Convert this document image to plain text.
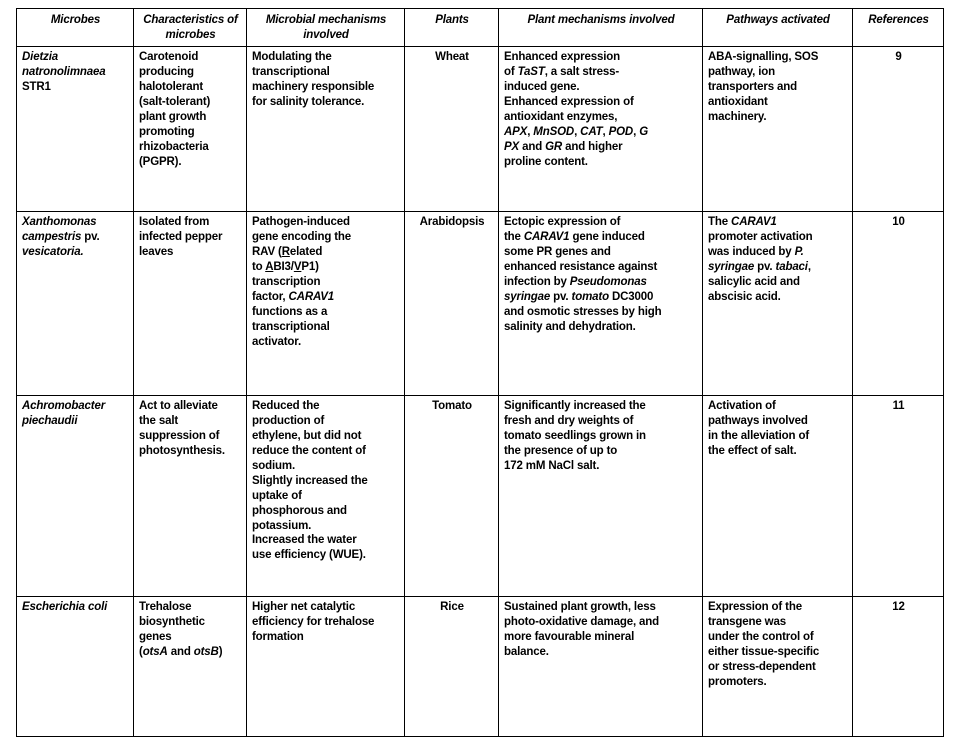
Microbes	Characteristics of microbes	Microbial mechanisms involved	Plants	Plant mechanisms involved	Pathways activated	References
Dietzia
natronolimnaea
STR1	Carotenoid
producing
halotolerant
(salt-tolerant)
plant growth
promoting
rhizobacteria
(PGPR).	Modulating the
transcriptional
machinery responsible
for salinity tolerance.	Wheat	Enhanced expression
of TaST, a salt stress-
induced gene.
Enhanced expression of
antioxidant enzymes,
APX, MnSOD, CAT, POD, G
PX and GR and higher
proline content.	ABA-signalling, SOS
pathway, ion
transporters and
antioxidant
machinery.	9
Xanthomonas
campestris pv.
vesicatoria.	Isolated from
infected pepper
leaves	Pathogen-induced
gene encoding the
RAV (Related
to ABI3/VP1)
transcription
factor, CARAV1
functions as a
transcriptional
activator.	Arabidopsis	Ectopic expression of
the CARAV1 gene induced
some PR genes and
enhanced resistance against
infection by Pseudomonas
syringae pv. tomato DC3000
and osmotic stresses by high
salinity and dehydration.	The CARAV1
promoter activation
was induced by P.
syringae pv. tabaci,
salicylic acid and
abscisic acid.	10
Achromobacter
piechaudii	Act to alleviate
the salt
suppression of
photosynthesis.	Reduced the
production of
ethylene, but did not
reduce the content of
sodium.
Slightly increased the
uptake of
phosphorous and
potassium.
Increased the water
use efficiency (WUE).	Tomato	Significantly increased the
fresh and dry weights of
tomato seedlings grown in
the presence of up to
172 mM NaCl salt.	Activation of
pathways involved
in the alleviation of
the effect of salt.	11
Escherichia coli	Trehalose
biosynthetic
genes
(otsA and otsB)	Higher net catalytic
efficiency for trehalose
formation	Rice	Sustained plant growth, less
photo-oxidative damage, and
more favourable mineral
balance.	Expression of the
transgene was
under the control of
either tissue-specific
or stress-dependent
promoters.	12
